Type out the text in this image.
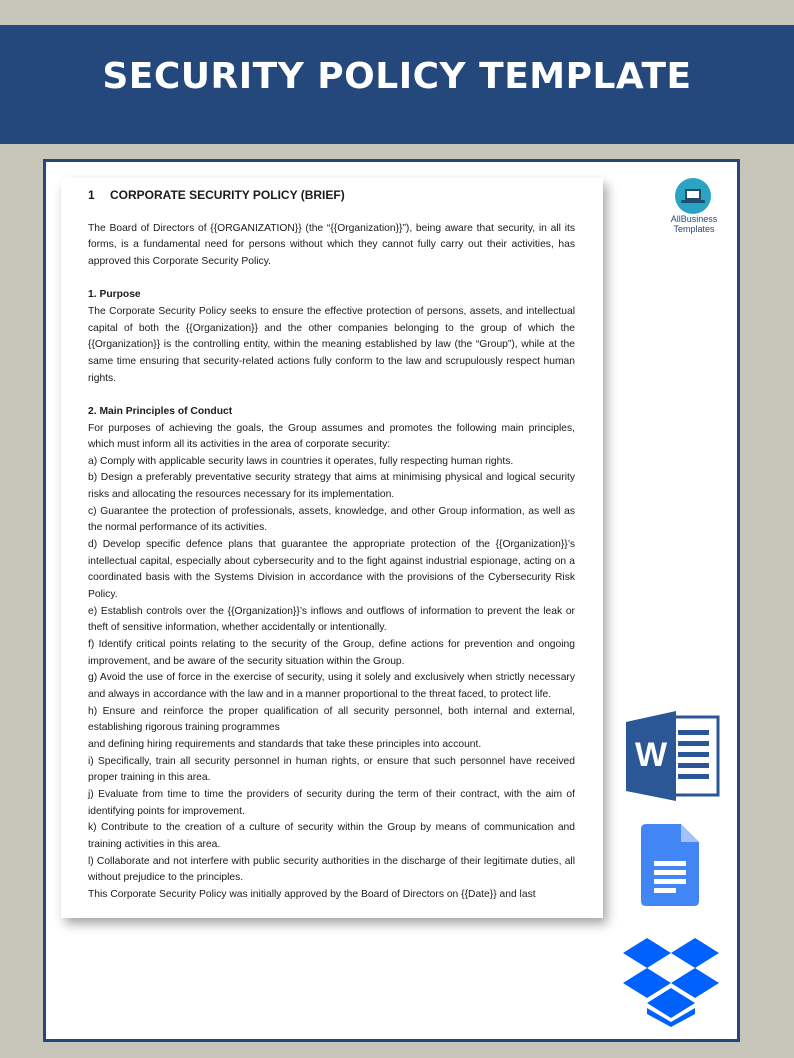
SECURITY POLICY TEMPLATE
1 CORPORATE SECURITY POLICY (BRIEF)
The Board of Directors of {{ORGANIZATION}} (the “{{Organization}}”), being aware that security, in all its forms, is a fundamental need for persons without which they cannot fully carry out their activities, has approved this Corporate Security Policy.
1. Purpose
The Corporate Security Policy seeks to ensure the effective protection of persons, assets, and intellectual capital of both the {{Organization}} and the other companies belonging to the group of which the {{Organization}} is the controlling entity, within the meaning established by law (the “Group”), while at the same time ensuring that security-related actions fully conform to the law and scrupulously respect human rights.
2. Main Principles of Conduct
For purposes of achieving the goals, the Group assumes and promotes the following main principles, which must inform all its activities in the area of corporate security:
a) Comply with applicable security laws in countries it operates, fully respecting human rights.
b) Design a preferably preventative security strategy that aims at minimising physical and logical security risks and allocating the resources necessary for its implementation.
c) Guarantee the protection of professionals, assets, knowledge, and other Group information, as well as the normal performance of its activities.
d) Develop specific defence plans that guarantee the appropriate protection of the {{Organization}}’s intellectual capital, especially about cybersecurity and to the fight against industrial espionage, acting on a coordinated basis with the Systems Division in accordance with the provisions of the Cybersecurity Risk Policy.
e) Establish controls over the {{Organization}}’s inflows and outflows of information to prevent the leak or theft of sensitive information, whether accidentally or intentionally.
f) Identify critical points relating to the security of the Group, define actions for prevention and ongoing improvement, and be aware of the security situation within the Group.
g) Avoid the use of force in the exercise of security, using it solely and exclusively when strictly necessary and always in accordance with the law and in a manner proportional to the threat faced, to protect life.
h) Ensure and reinforce the proper qualification of all security personnel, both internal and external, establishing rigorous training programmes
and defining hiring requirements and standards that take these principles into account.
i) Specifically, train all security personnel in human rights, or ensure that such personnel have received proper training in this area.
j) Evaluate from time to time the providers of security during the term of their contract, with the aim of identifying points for improvement.
k) Contribute to the creation of a culture of security within the Group by means of communication and training activities in this area.
l) Collaborate and not interfere with public security authorities in the discharge of their legitimate duties, all without prejudice to the principles.
This Corporate Security Policy was initially approved by the Board of Directors on {{Date}} and last
AllBusiness
Templates
W
